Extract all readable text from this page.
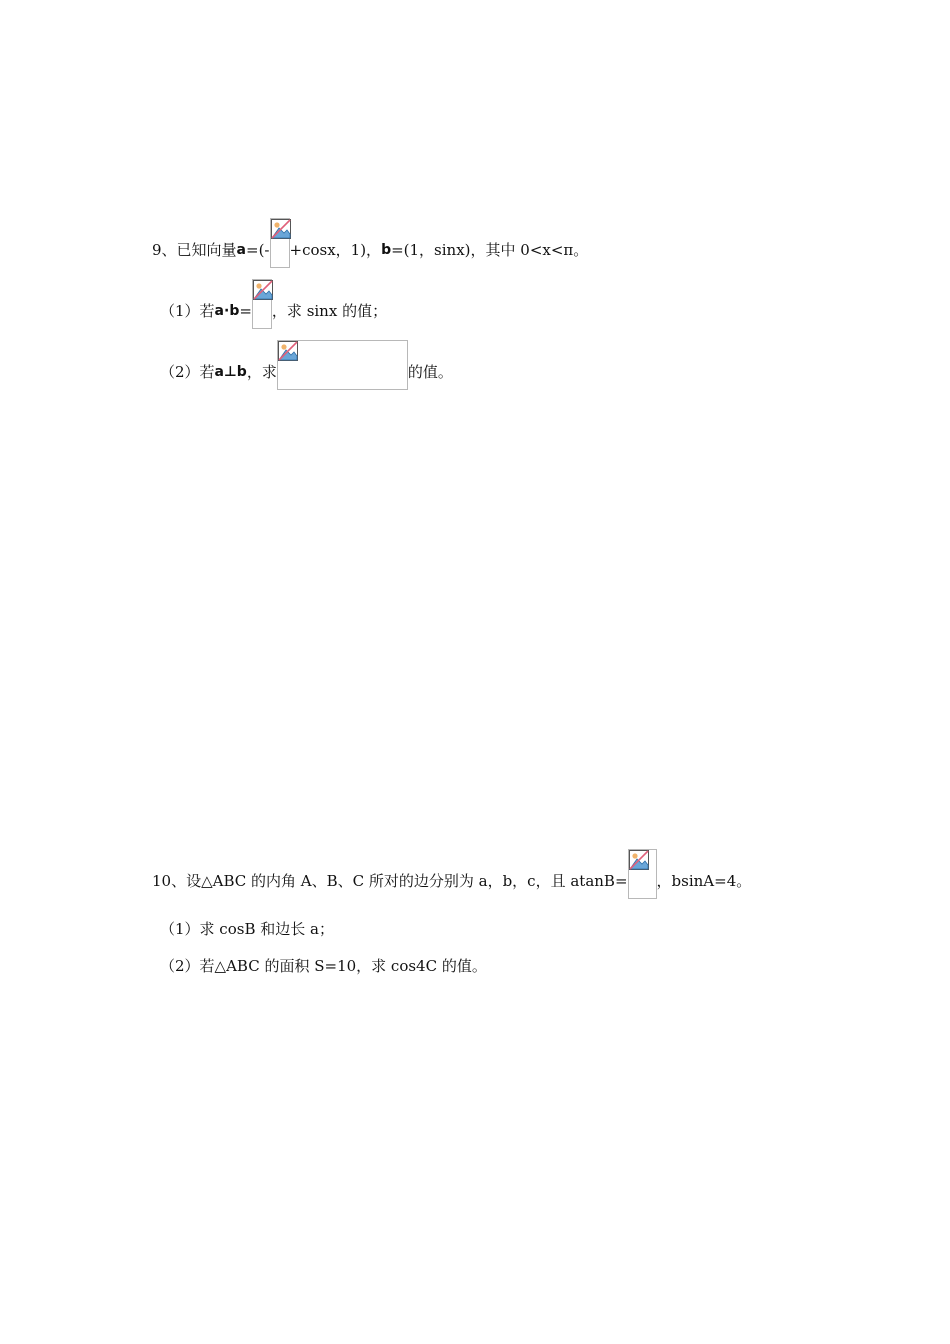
9、已知向量 a =(- +cosx，1)， b =(1，sinx)，其中 0<x<π。
（1）若 a·b = ，求 sinx 的值；
（2）若 a⊥b ，求	的值。
10、设△ABC 的内角 A、B、C 所对的边分别为 a，b，c，且 atanB= ，bsinA=4。
（1）求 cosB 和边长 a；
（2）若△ABC 的面积 S=10，求 cos4C 的值。
